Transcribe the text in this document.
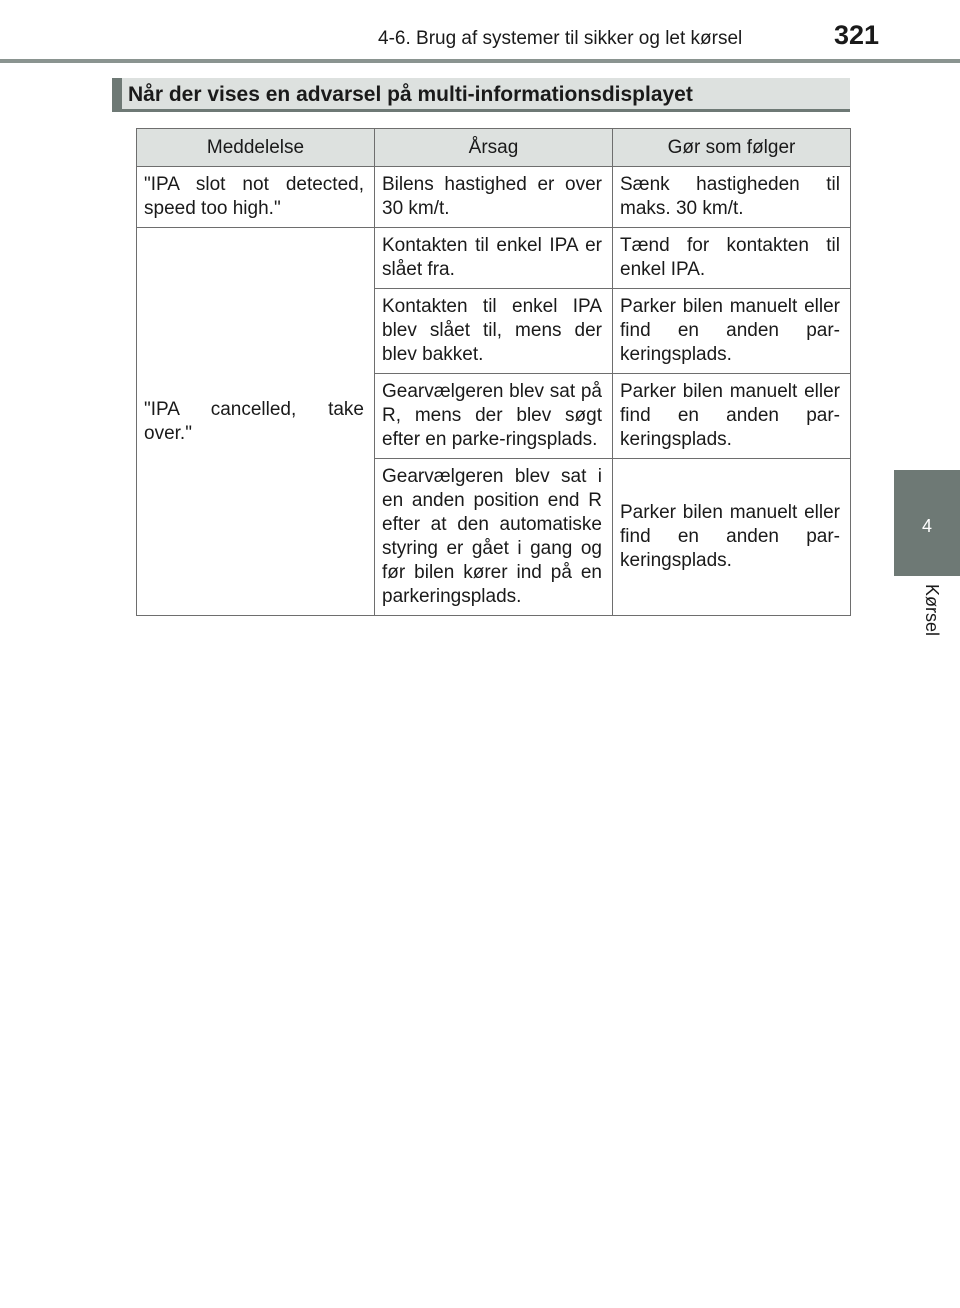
4-6. Brug af systemer til sikker og let kørsel	321
4
Kørsel
Når der vises en advarsel på multi-informationsdisplayet
Meddelelse	Årsag	Gør som følger
"IPA slot not detected, speed too high."	Bilens hastighed er over 30 km/t.	Sænk hastigheden til maks. 30 km/t.
"IPA cancelled, take over."	Kontakten til enkel IPA er slået fra.	Tænd for kontakten til enkel IPA.
	Kontakten til enkel IPA blev slået til, mens der blev bakket.	Parker bilen manuelt eller find en anden par-keringsplads.
	Gearvælgeren blev sat på R, mens der blev søgt efter en parke-ringsplads.	Parker bilen manuelt eller find en anden par-keringsplads.
	Gearvælgeren blev sat i en anden position end R efter at den automatiske styring er gået i gang og før bilen kører ind på en parkeringsplads.	Parker bilen manuelt eller find en anden par-keringsplads.
